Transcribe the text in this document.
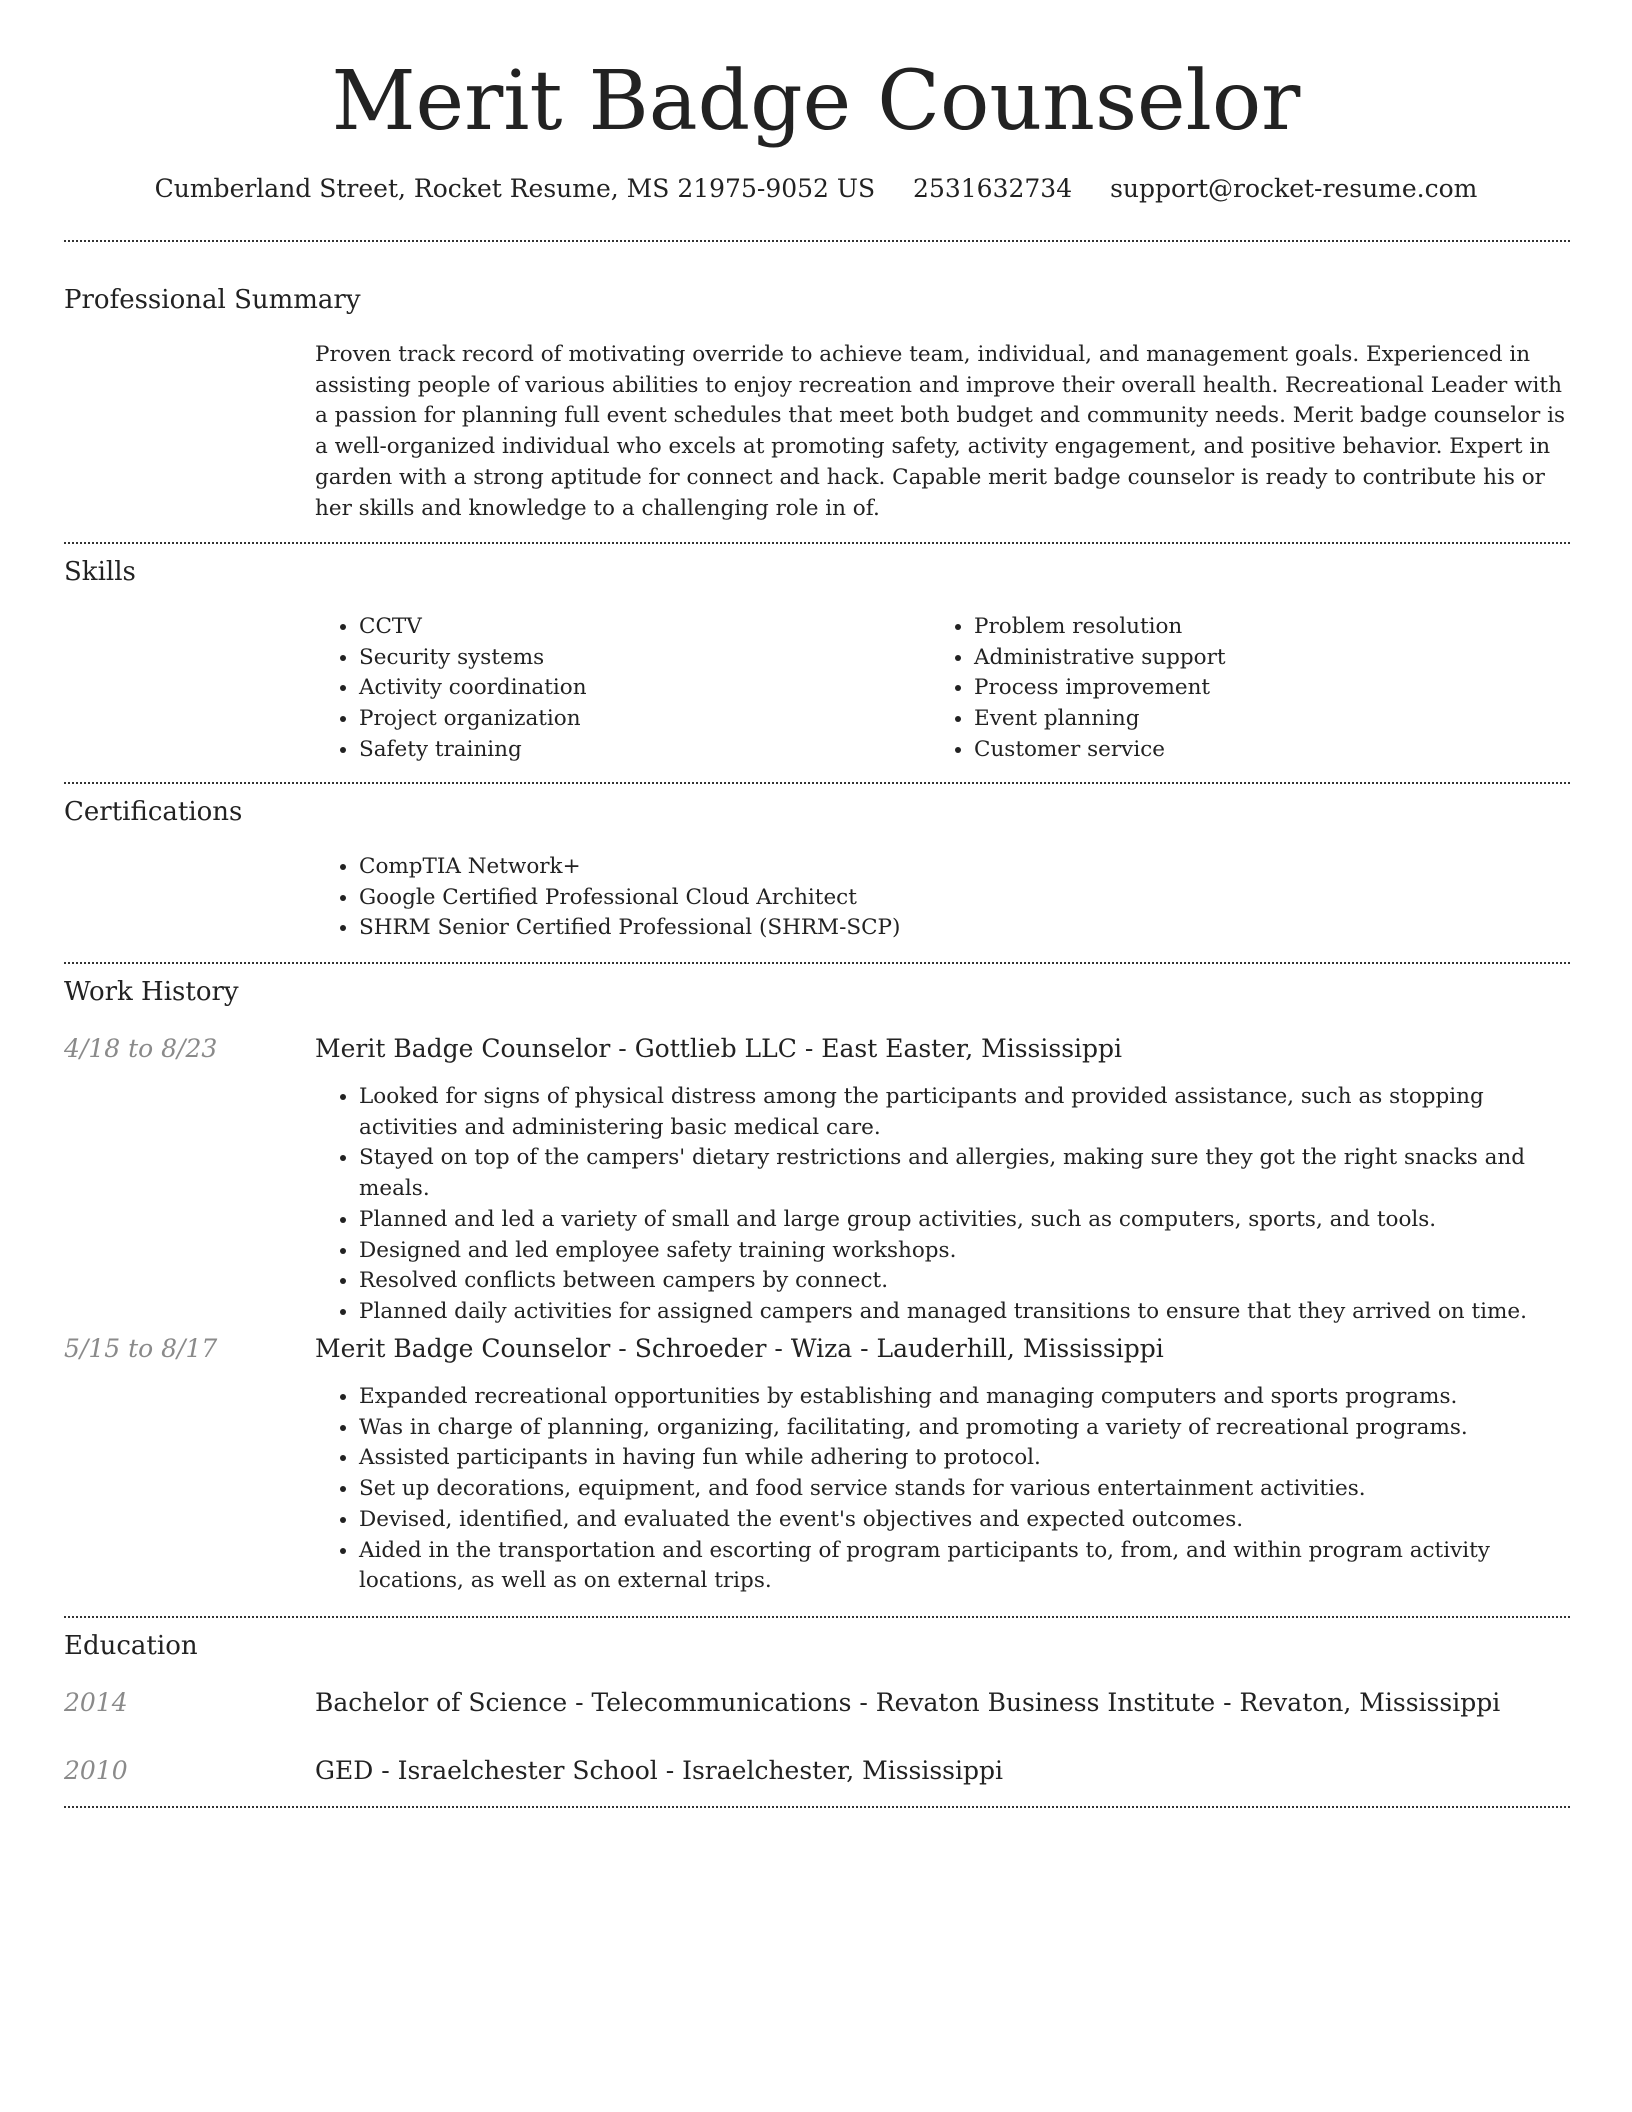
Merit Badge Counselor
Cumberland Street, Rocket Resume, MS 21975-9052 US 2531632734 support@rocket-resume.com
Professional Summary
Proven track record of motivating override to achieve team, individual, and management goals. Experienced in assisting people of various abilities to enjoy recreation and improve their overall health. Recreational Leader with a passion for planning full event schedules that meet both budget and community needs. Merit badge counselor is a well-organized individual who excels at promoting safety, activity engagement, and positive behavior. Expert in garden with a strong aptitude for connect and hack. Capable merit badge counselor is ready to contribute his or her skills and knowledge to a challenging role in of.
Skills
• CCTV
• Security systems
• Activity coordination
• Project organization
• Safety training
• Problem resolution
• Administrative support
• Process improvement
• Event planning
• Customer service
Certifications
• CompTIA Network+
• Google Certified Professional Cloud Architect
• SHRM Senior Certified Professional (SHRM-SCP)
Work History
4/18 to 8/23	Merit Badge Counselor - Gottlieb LLC - East Easter, Mississippi
• Looked for signs of physical distress among the participants and provided assistance, such as stopping activities and administering basic medical care.
• Stayed on top of the campers' dietary restrictions and allergies, making sure they got the right snacks and meals.
• Planned and led a variety of small and large group activities, such as computers, sports, and tools.
• Designed and led employee safety training workshops.
• Resolved conflicts between campers by connect.
• Planned daily activities for assigned campers and managed transitions to ensure that they arrived on time.
5/15 to 8/17	Merit Badge Counselor - Schroeder - Wiza - Lauderhill, Mississippi
• Expanded recreational opportunities by establishing and managing computers and sports programs.
• Was in charge of planning, organizing, facilitating, and promoting a variety of recreational programs.
• Assisted participants in having fun while adhering to protocol.
• Set up decorations, equipment, and food service stands for various entertainment activities.
• Devised, identified, and evaluated the event's objectives and expected outcomes.
• Aided in the transportation and escorting of program participants to, from, and within program activity locations, as well as on external trips.
Education
2014	Bachelor of Science - Telecommunications - Revaton Business Institute - Revaton, Mississippi
2010	GED - Israelchester School - Israelchester, Mississippi
